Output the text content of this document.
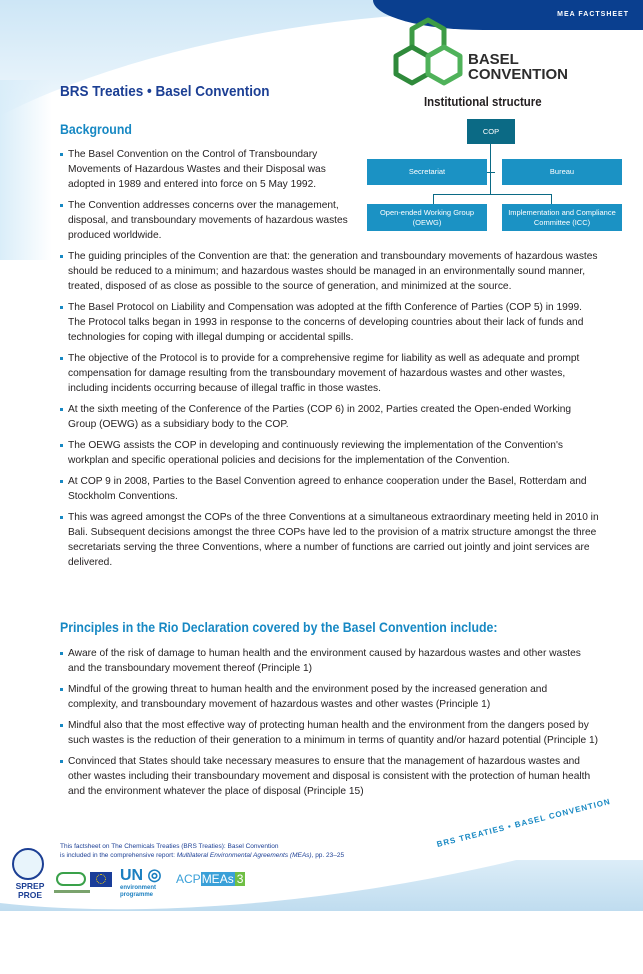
MEA FACTSHEET
BASEL
CONVENTION
Institutional structure
COP
Secretariat	Bureau
Open-ended Working Group (OEWG)
Implementation and Compliance Committee (ICC)
BRS Treaties • Basel Convention
Background
The Basel Convention on the Control of Transboundary Movements of Hazardous Wastes and their Disposal was adopted in 1989 and entered into force on 5 May 1992.
The Convention addresses concerns over the management, disposal, and transboundary movements of hazardous wastes produced worldwide.
The guiding principles of the Convention are that: the generation and transboundary movements of hazardous wastes should be reduced to a minimum; and hazardous wastes should be managed in an environmentally sound manner, treated, disposed of as close as possible to the source of generation, and minimized at the source.
The Basel Protocol on Liability and Compensation was adopted at the fifth Conference of Parties (COP 5) in 1999. The Protocol talks began in 1993 in response to the concerns of developing countries about their lack of funds and technologies for coping with illegal dumping or accidental spills.
The objective of the Protocol is to provide for a comprehensive regime for liability as well as adequate and prompt compensation for damage resulting from the transboundary movement of hazardous wastes and other wastes, including incidents occurring because of illegal traffic in those wastes.
At the sixth meeting of the Conference of the Parties (COP 6) in 2002, Parties created the Open-ended Working Group (OEWG) as a subsidiary body to the COP.
The OEWG assists the COP in developing and continuously reviewing the implementation of the Convention's workplan and specific operational policies and decisions for the implementation of the Convention.
At COP 9 in 2008, Parties to the Basel Convention agreed to enhance cooperation under the Basel, Rotterdam and Stockholm Conventions.
This was agreed amongst the COPs of the three Conventions at a simultaneous extraordinary meeting held in 2010 in Bali. Subsequent decisions amongst the three COPs have led to the provision of a matrix structure amongst the three secretariats serving the three Conventions, where a number of functions are carried out jointly and joint services are delivered.
Principles in the Rio Declaration covered by the Basel Convention include:
Aware of the risk of damage to human health and the environment caused by hazardous wastes and other wastes and the transboundary movement thereof (Principle 1)
Mindful of the growing threat to human health and the environment posed by the increased generation and complexity, and transboundary movement of hazardous wastes and other wastes (Principle 1)
Mindful also that the most effective way of protecting human health and the environment from the dangers posed by such wastes is the reduction of their generation to a minimum in terms of quantity and/or hazard potential (Principle 1)
Convinced that States should take necessary measures to ensure that the management of hazardous wastes and other wastes including their transboundary movement and disposal is consistent with the protection of human health and the environment whatever the place of disposal (Principle 15)
This factsheet on The Chemicals Treaties (BRS Treaties): Basel Convention
is included in the comprehensive report: Multilateral Environmental Agreements (MEAs), pp. 23–25
BRS TREATIES • BASEL CONVENTION
SPREP
PROE
UN ◎
environment
programme
ACPMEAs 3
